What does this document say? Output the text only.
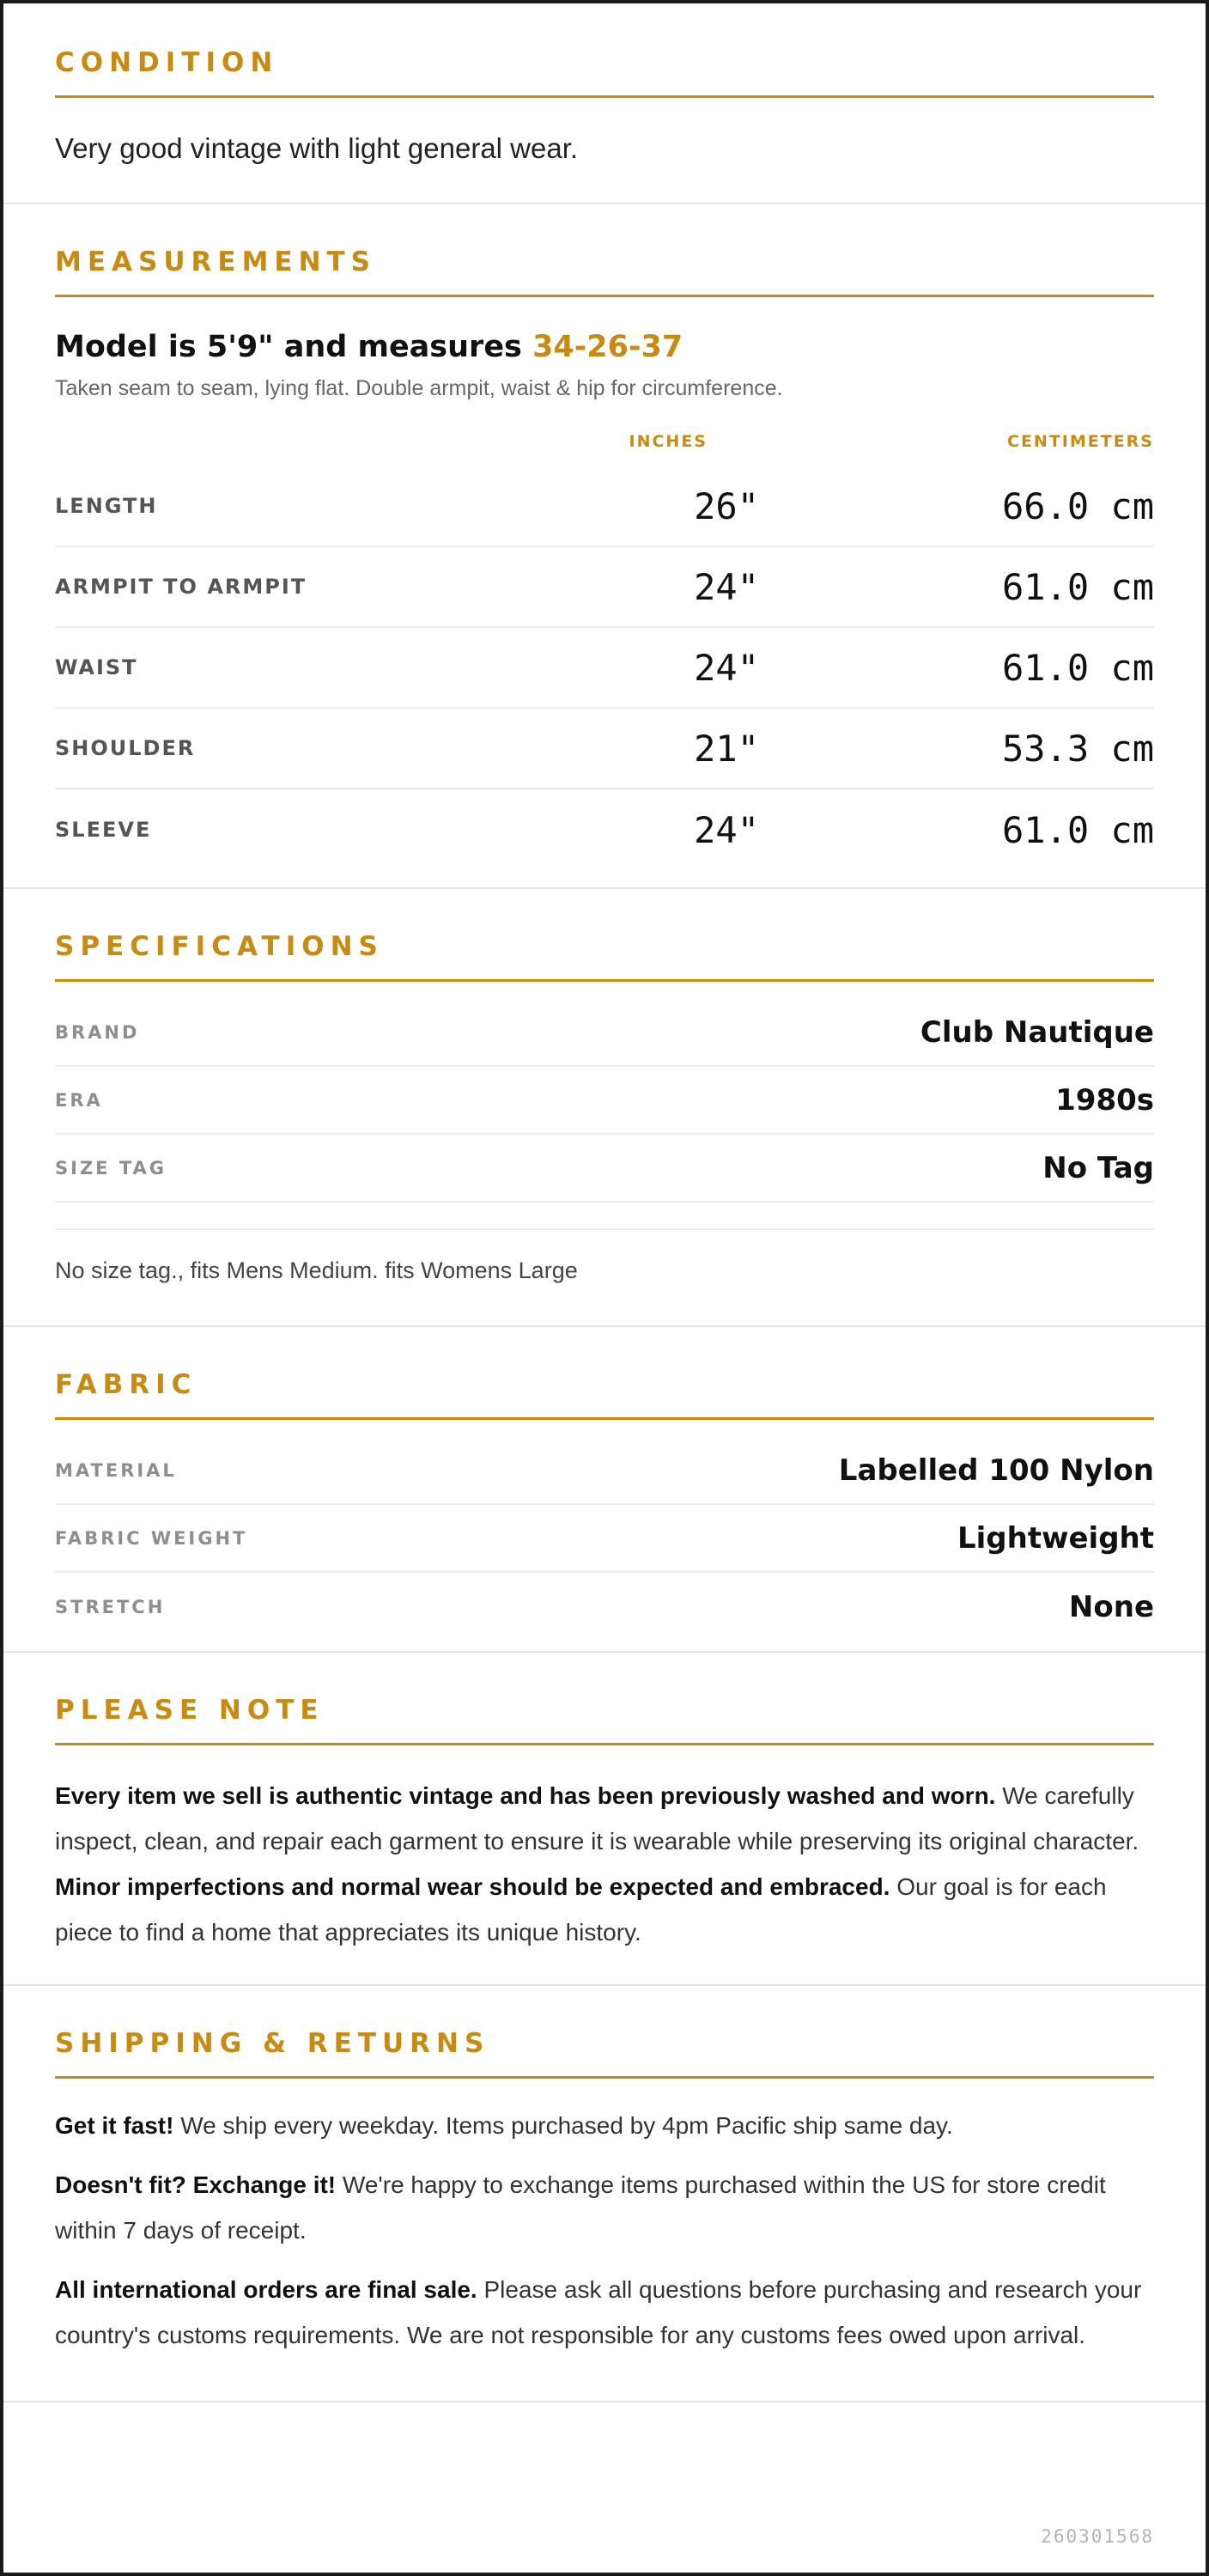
CONDITION
Very good vintage with light general wear.
MEASUREMENTS
Model is 5'9" and measures 34-26-37
Taken seam to seam, lying flat. Double armpit, waist & hip for circumference.
INCHES	CENTIMETERS
LENGTH	26"	66.0 cm
ARMPIT TO ARMPIT	24"	61.0 cm
WAIST	24"	61.0 cm
SHOULDER	21"	53.3 cm
SLEEVE	24"	61.0 cm
SPECIFICATIONS
BRAND	Club Nautique
ERA	1980s
SIZE TAG	No Tag
No size tag., fits Mens Medium. fits Womens Large
FABRIC
MATERIAL	Labelled 100 Nylon
FABRIC WEIGHT	Lightweight
STRETCH	None
PLEASE NOTE

Every item we sell is authentic vintage and has been previously washed and worn. We carefully inspect, clean, and repair each garment to ensure it is wearable while preserving its original character. Minor imperfections and normal wear should be expected and embraced. Our goal is for each piece to find a home that appreciates its unique history.

SHIPPING & RETURNS

Get it fast! We ship every weekday. Items purchased by 4pm Pacific ship same day.

Doesn't fit? Exchange it! We're happy to exchange items purchased within the US for store credit within 7 days of receipt.

All international orders are final sale. Please ask all questions before purchasing and research your country's customs requirements. We are not responsible for any customs fees owed upon arrival.

260301568
